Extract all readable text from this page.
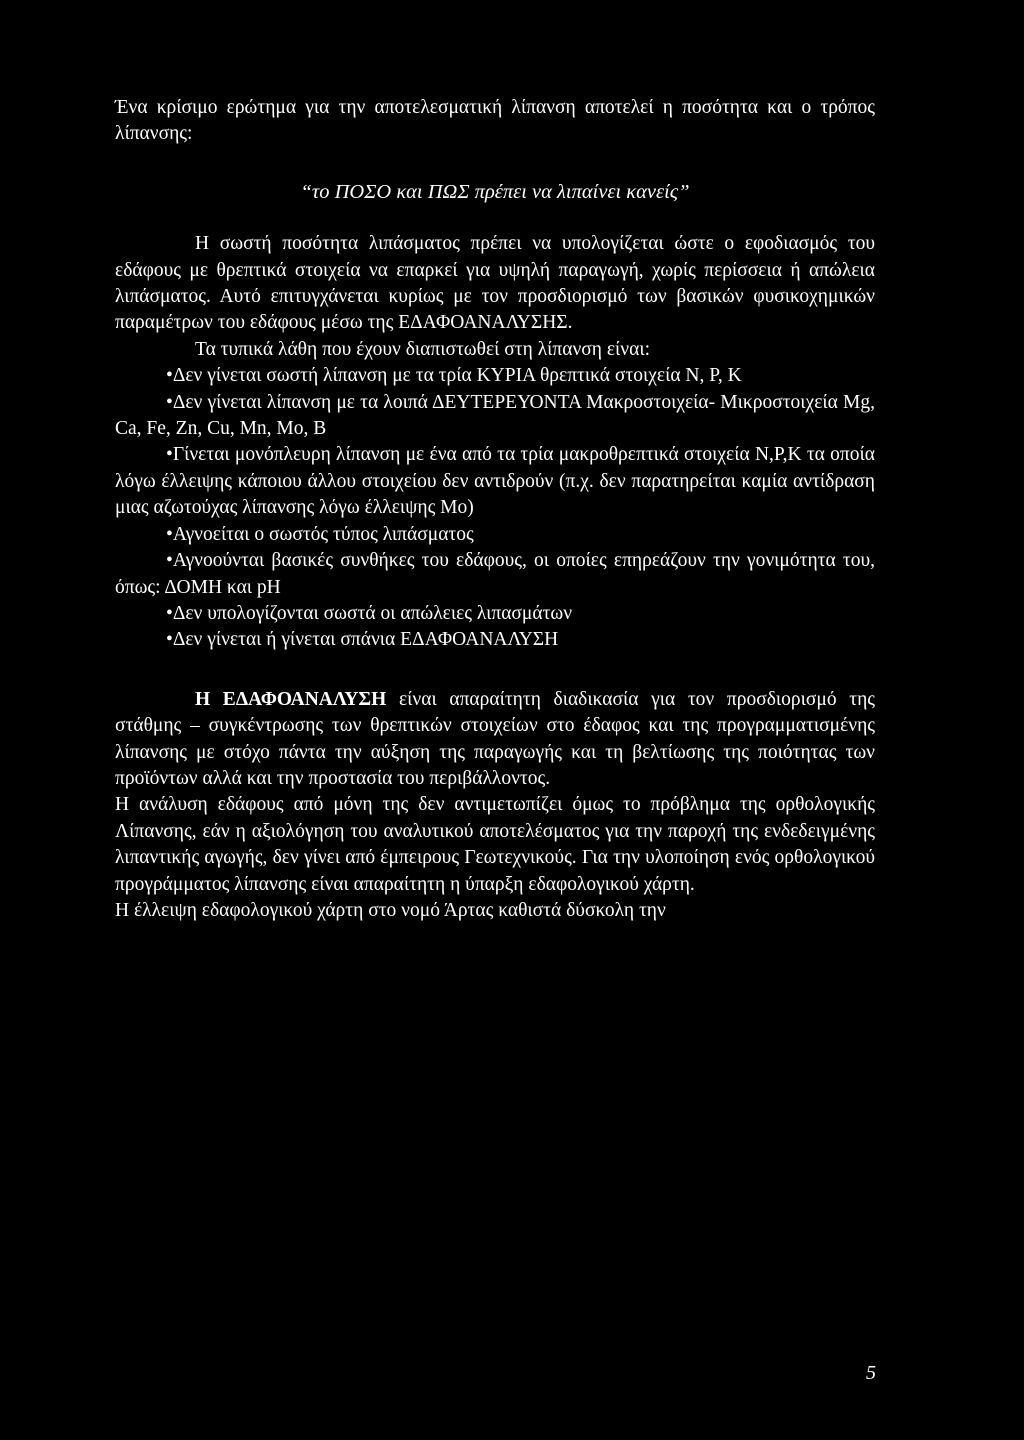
Ένα κρίσιμο ερώτημα για την αποτελεσματική λίπανση αποτελεί η ποσότητα και ο τρόπος λίπανσης:

“το ΠΟΣΟ και ΠΩΣ πρέπει να λιπαίνει κανείς”

Η σωστή ποσότητα λιπάσματος πρέπει να υπολογίζεται ώστε ο εφοδιασμός του εδάφους με θρεπτικά στοιχεία να επαρκεί για υψηλή παραγωγή, χωρίς περίσσεια ή απώλεια λιπάσματος. Αυτό επιτυγχάνεται κυρίως με τον προσδιορισμό των βασικών φυσικοχημικών παραμέτρων του εδάφους μέσω της ΕΔΑΦΟΑΝΑΛΥΣΗΣ.

Τα τυπικά λάθη που έχουν διαπιστωθεί στη λίπανση είναι:

•Δεν γίνεται σωστή λίπανση με τα τρία ΚΥΡΙΑ θρεπτικά στοιχεία N, P, K

•Δεν γίνεται λίπανση με τα λοιπά ΔΕΥΤΕΡΕΥΟΝΤΑ Μακροστοιχεία- Μικροστοιχεία Mg, Ca, Fe, Zn, Cu, Mn, Mo, B

•Γίνεται μονόπλευρη λίπανση με ένα από τα τρία μακροθρεπτικά στοιχεία N,P,K τα οποία λόγω έλλειψης κάποιου άλλου στοιχείου δεν αντιδρούν (π.χ. δεν παρατηρείται καμία αντίδραση μιας αζωτούχας λίπανσης λόγω έλλειψης Mo)

•Αγνοείται ο σωστός τύπος λιπάσματος

•Αγνοούνται βασικές συνθήκες του εδάφους, οι οποίες επηρεάζουν την γονιμότητα του, όπως: ΔΟΜΗ και pH

•Δεν υπολογίζονται σωστά οι απώλειες λιπασμάτων

•Δεν γίνεται ή γίνεται σπάνια ΕΔΑΦΟΑΝΑΛΥΣΗ

Η ΕΔΑΦΟΑΝΑΛΥΣΗ είναι απαραίτητη διαδικασία για τον προσδιορισμό της στάθμης – συγκέντρωσης των θρεπτικών στοιχείων στο έδαφος και της προγραμματισμένης λίπανσης με στόχο πάντα την αύξηση της παραγωγής και τη βελτίωσης της ποιότητας των προϊόντων αλλά και την προστασία του περιβάλλοντος.

Η ανάλυση εδάφους από μόνη της δεν αντιμετωπίζει όμως το πρόβλημα της ορθολογικής Λίπανσης, εάν η αξιολόγηση του αναλυτικού αποτελέσματος για την παροχή της ενδεδειγμένης λιπαντικής αγωγής, δεν γίνει από έμπειρους Γεωτεχνικούς. Για την υλοποίηση ενός ορθολογικού προγράμματος λίπανσης είναι απαραίτητη η ύπαρξη εδαφολογικού χάρτη.

Η έλλειψη εδαφολογικού χάρτη στο νομό Άρτας καθιστά δύσκολη την

5
